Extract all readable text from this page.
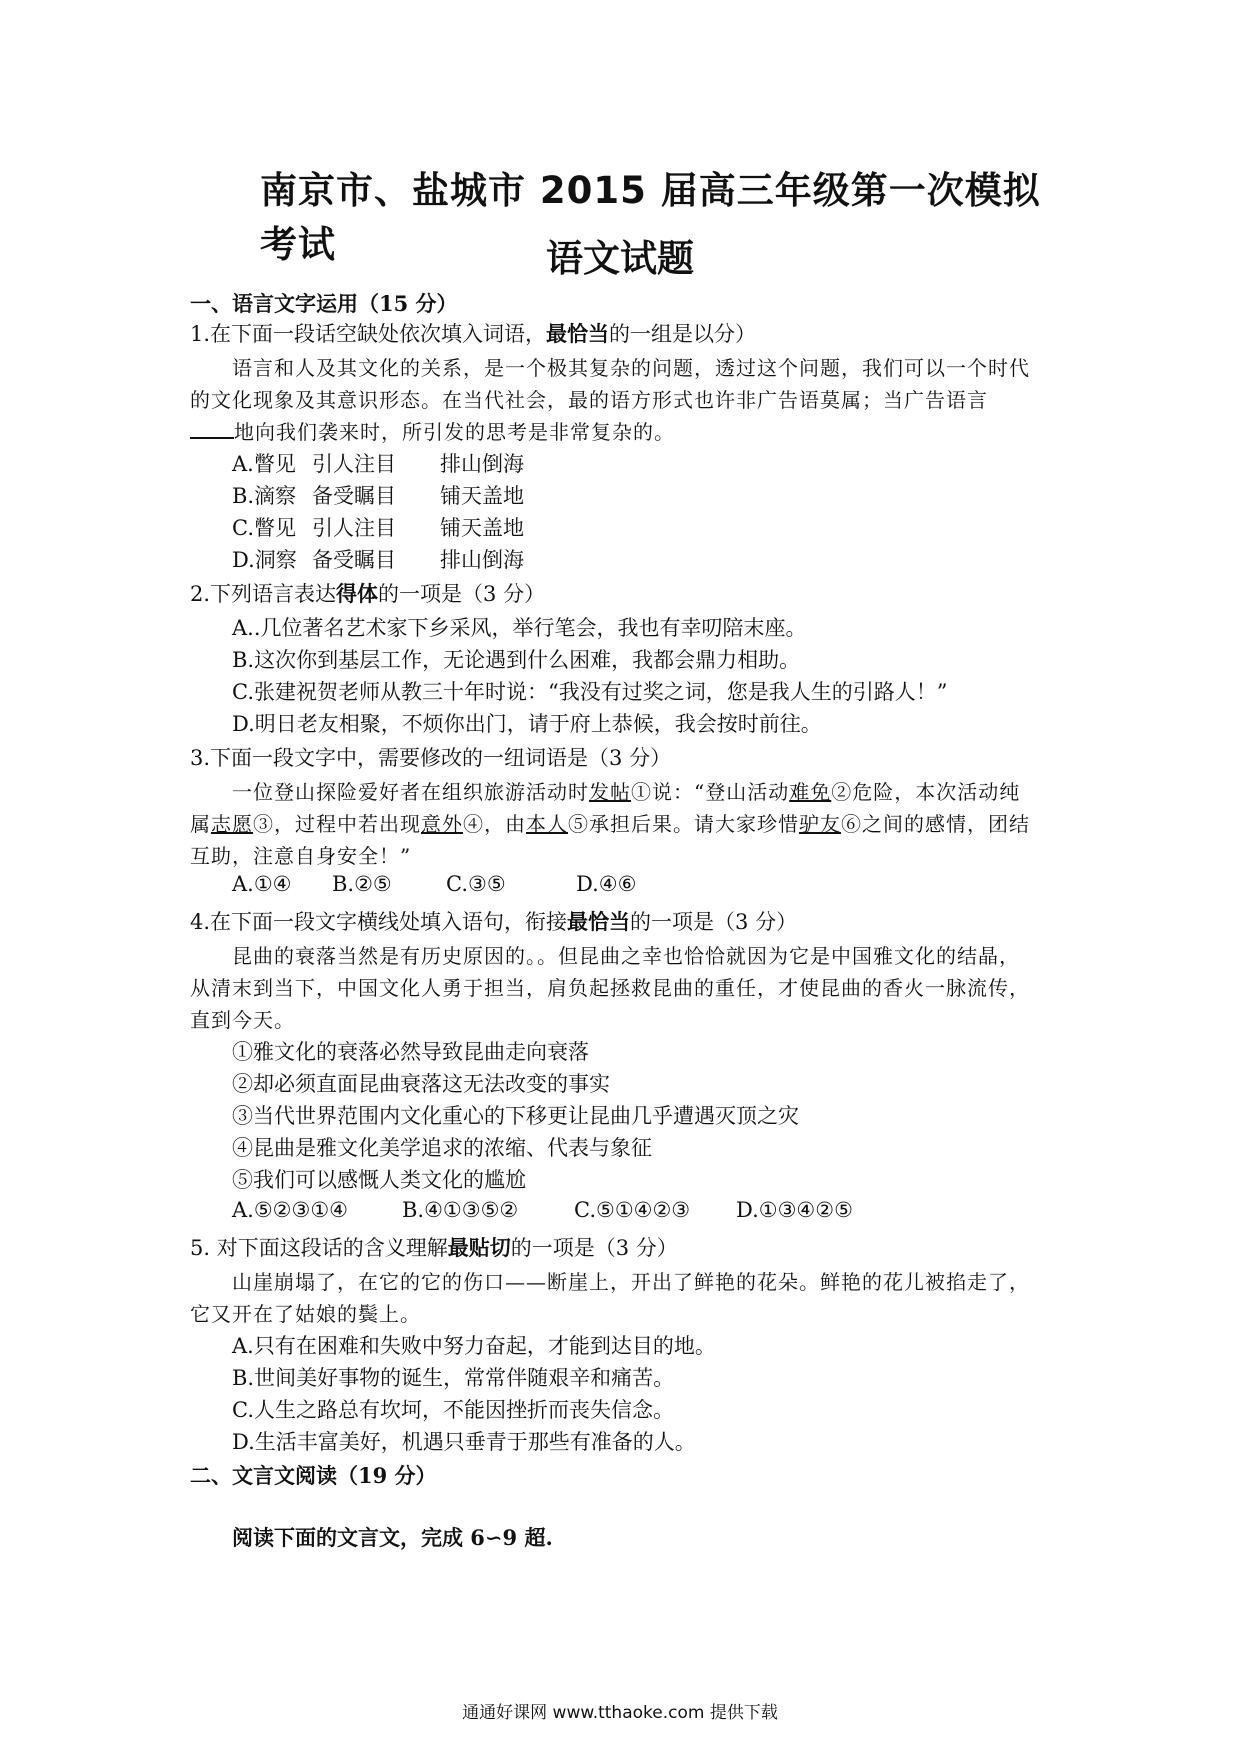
南京市、盐城市 2015 届高三年级第一次模拟考试	语文试题
一、语言文字运用（15 分）
1.在下面一段话空缺处依次填入词语，最恰当的一组是以分）
语言和人及其文化的关系，是一个极其复杂的问题，透过这个问题，我们可以一个时代
的文化现象及其意识形态。在当代社会，最的语方形式也许非广告语莫属；当广告语言
地向我们袭来时，所引发的思考是非常复杂的。
A.瞥见 引人注目 排山倒海
B.滴察 备受瞩目 铺天盖地
C.瞥见 引人注目 铺天盖地
D.洞察 备受瞩目 排山倒海
2.下列语言表达得体的一项是（3 分）
A..几位著名艺术家下乡采风，举行笔会，我也有幸叨陪末座。
B.这次你到基层工作，无论遇到什么困难，我都会鼎力相助。
C.张建祝贺老师从教三十年时说：“我没有过奖之词，您是我人生的引路人！”
D.明日老友相聚，不烦你出门，请于府上恭候，我会按时前往。
3.下面一段文字中，需要修改的一纽词语是（3 分）
一位登山探险爱好者在组织旅游活动时发帖①说：“登山活动难免②危险，本次活动纯
属志愿③，过程中若出现意外④，由本人⑤承担后果。请大家珍惜驴友⑥之间的感情，团结
互助，注意自身安全！”
A.①④ B.②⑤	C.③⑤	D.④⑥
4.在下面一段文字横线处填入语句，衔接最恰当的一项是（3 分）
昆曲的衰落当然是有历史原因的。。但昆曲之幸也恰恰就因为它是中国雅文化的结晶，
从清末到当下，中国文化人勇于担当，肩负起拯救昆曲的重任，才使昆曲的香火一脉流传，
直到今天。
①雅文化的衰落必然导致昆曲走向衰落
②却必须直面昆曲衰落这无法改变的事实
③当代世界范围内文化重心的下移更让昆曲几乎遭遇灭顶之灾
④昆曲是雅文化美学追求的浓缩、代表与象征
⑤我们可以感慨人类文化的尴尬
A.⑤②③①④	B.④①③⑤②	C.⑤①④②③ D.①③④②⑤
5. 对下面这段话的含义理解最贴切的一项是（3 分）
山崖崩塌了，在它的它的伤口——断崖上，开出了鲜艳的花朵。鲜艳的花儿被掐走了，
它又开在了姑娘的鬓上。
A.只有在困难和失败中努力奋起，才能到达目的地。
B.世间美好事物的诞生，常常伴随艰辛和痛苦。
C.人生之路总有坎坷，不能因挫折而丧失信念。
D.生活丰富美好，机遇只垂青于那些有准备的人。
二、文言文阅读（19 分）
阅读下面的文言文，完成 6∽9 超.
通通好课网 www.tthaoke.com 提供下载
